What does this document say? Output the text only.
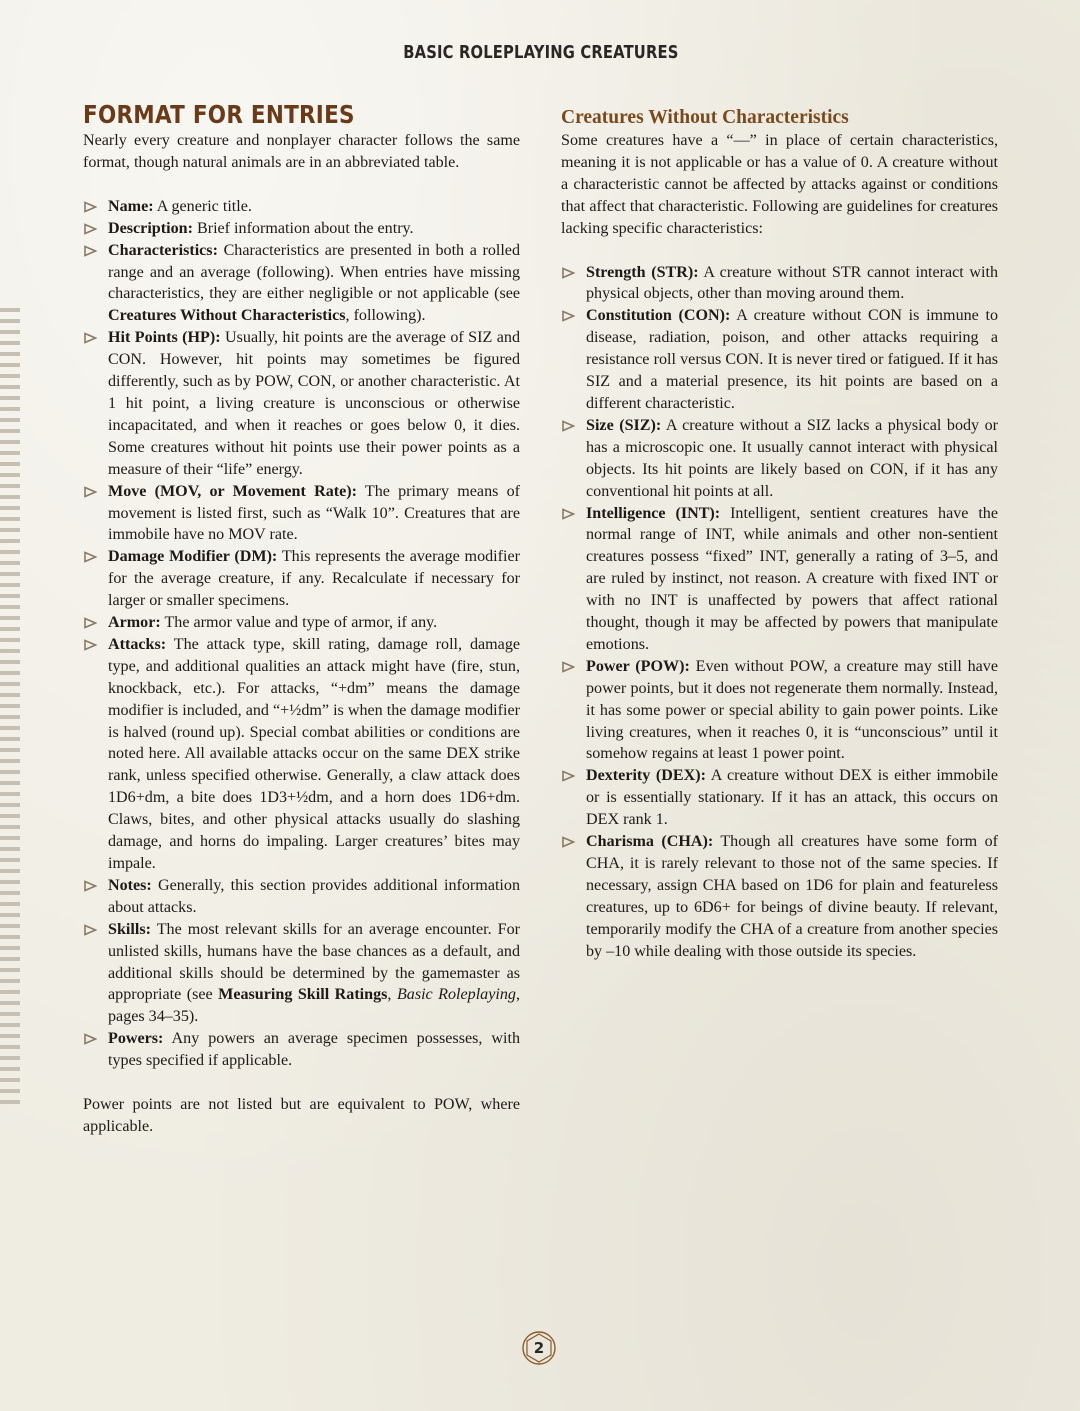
BASIC ROLEPLAYING CREATURES
FORMAT FOR ENTRIES

Nearly every creature and nonplayer character follows the same format, though natural animals are in an abbreviated table.

Name: A generic title.
Description: Brief information about the entry.
Characteristics: Characteristics are presented in both a rolled range and an average (following). When entries have missing characteristics, they are either negligible or not applicable (see Creatures Without Characteristics, following).
Hit Points (HP): Usually, hit points are the average of SIZ and CON. However, hit points may sometimes be figured differently, such as by POW, CON, or another characteristic. At 1 hit point, a living creature is unconscious or otherwise incapacitated, and when it reaches or goes below 0, it dies. Some creatures without hit points use their power points as a measure of their “life” energy.
Move (MOV, or Movement Rate): The primary means of movement is listed first, such as “Walk 10”. Creatures that are immobile have no MOV rate.
Damage Modifier (DM): This represents the average modifier for the average creature, if any. Recalculate if necessary for larger or smaller specimens.
Armor: The armor value and type of armor, if any.
Attacks: The attack type, skill rating, damage roll, damage type, and additional qualities an attack might have (fire, stun, knockback, etc.). For attacks, “+dm” means the damage modifier is included, and “+½dm” is when the damage modifier is halved (round up). Special combat abilities or conditions are noted here. All available attacks occur on the same DEX strike rank, unless specified otherwise. Generally, a claw attack does 1D6+dm, a bite does 1D3+½dm, and a horn does 1D6+dm. Claws, bites, and other physical attacks usually do slashing damage, and horns do impaling. Larger creatures’ bites may impale.
Notes: Generally, this section provides additional information about attacks.
Skills: The most relevant skills for an average encounter. For unlisted skills, humans have the base chances as a default, and additional skills should be determined by the gamemaster as appropriate (see Measuring Skill Ratings, Basic Roleplaying, pages 34–35).
Powers: Any powers an average specimen possesses, with types specified if applicable.

Power points are not listed but are equivalent to POW, where applicable.

Creatures Without Characteristics

Some creatures have a “—” in place of certain characteristics, meaning it is not applicable or has a value of 0. A creature without a characteristic cannot be affected by attacks against or conditions that affect that characteristic. Following are guidelines for creatures lacking specific characteristics:

Strength (STR): A creature without STR cannot interact with physical objects, other than moving around them.
Constitution (CON): A creature without CON is immune to disease, radiation, poison, and other attacks requiring a resistance roll versus CON. It is never tired or fatigued. If it has SIZ and a material presence, its hit points are based on a different characteristic.
Size (SIZ): A creature without a SIZ lacks a physical body or has a microscopic one. It usually cannot interact with physical objects. Its hit points are likely based on CON, if it has any conventional hit points at all.
Intelligence (INT): Intelligent, sentient creatures have the normal range of INT, while animals and other non-sentient creatures possess “fixed” INT, generally a rating of 3–5, and are ruled by instinct, not reason. A creature with fixed INT or with no INT is unaffected by powers that affect rational thought, though it may be affected by powers that manipulate emotions.
Power (POW): Even without POW, a creature may still have power points, but it does not regenerate them normally. Instead, it has some power or special ability to gain power points. Like living creatures, when it reaches 0, it is “unconscious” until it somehow regains at least 1 power point.
Dexterity (DEX): A creature without DEX is either immobile or is essentially stationary. If it has an attack, this occurs on DEX rank 1.
Charisma (CHA): Though all creatures have some form of CHA, it is rarely relevant to those not of the same species. If necessary, assign CHA based on 1D6 for plain and featureless creatures, up to 6D6+ for beings of divine beauty. If relevant, temporarily modify the CHA of a creature from another species by –10 while dealing with those outside its species.
2
